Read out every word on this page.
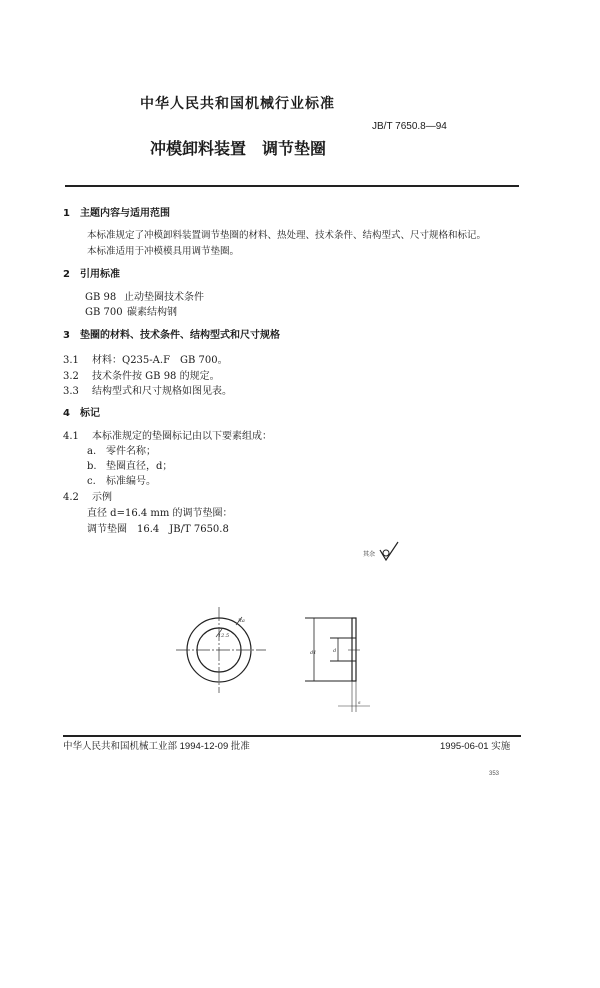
中华人民共和国机械行业标准
JB/T 7650.8—94
冲模卸料装置　调节垫圈
1　主题内容与适用范围
本标准规定了冲模卸料装置调节垫圈的材料、热处理、技术条件、结构型式、尺寸规格和标记。
本标准适用于冲模模具用调节垫圈。
2　引用标准
GB 98 止动垫圈技术条件
GB 700 碳素结构钢
3　垫圈的材料、技术条件、结构型式和尺寸规格
3.1 材料：Q235-A.F　GB 700。
3.2 技术条件按 GB 98 的规定。
3.3 结构型式和尺寸规格如图见表。
4　标记
4.1 本标准规定的垫圈标记由以下要素组成：
a. 零件名称；
b. 垫圈直径，d；
c. 标准编号。
4.2 示例
直径 d=16.4 mm 的调节垫圈：
调节垫圈　16.4　JB/T 7650.8
其余
Ra
12.5
d1	d
s
中华人民共和国机械工业部 1994-12-09 批准	1995-06-01 实施
353
